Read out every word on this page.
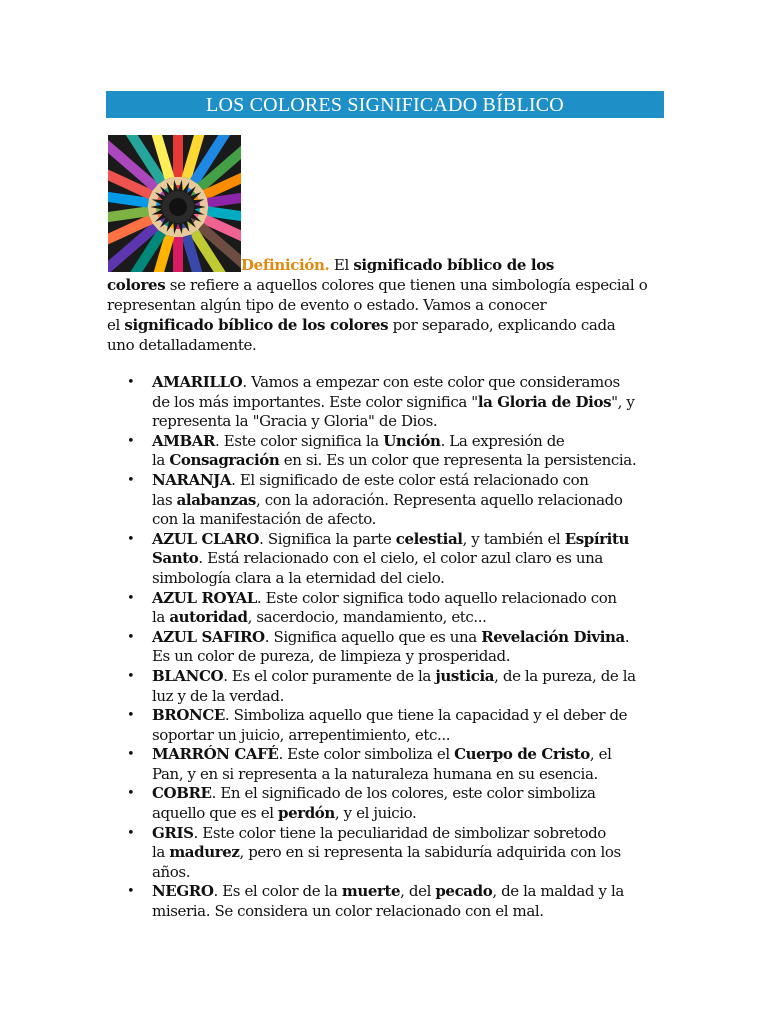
LOS COLORES SIGNIFICADO BÍBLICO
Definición. El significado bíblico de los
colores se refiere a aquellos colores que tienen una simbología especial o
representan algún tipo de evento o estado. Vamos a conocer
el significado bíblico de los colores por separado, explicando cada
uno detalladamente.
• AMARILLO. Vamos a empezar con este color que consideramos
de los más importantes. Este color significa "la Gloria de Dios", y
representa la "Gracia y Gloria" de Dios.
• AMBAR. Este color significa la Unción. La expresión de
la Consagración en si. Es un color que representa la persistencia.
• NARANJA. El significado de este color está relacionado con
las alabanzas, con la adoración. Representa aquello relacionado
con la manifestación de afecto.
• AZUL CLARO. Significa la parte celestial, y también el Espíritu
Santo. Está relacionado con el cielo, el color azul claro es una
simbología clara a la eternidad del cielo.
• AZUL ROYAL. Este color significa todo aquello relacionado con
la autoridad, sacerdocio, mandamiento, etc...
• AZUL SAFIRO. Significa aquello que es una Revelación Divina.
Es un color de pureza, de limpieza y prosperidad.
• BLANCO. Es el color puramente de la justicia, de la pureza, de la
luz y de la verdad.
• BRONCE. Simboliza aquello que tiene la capacidad y el deber de
soportar un juicio, arrepentimiento, etc...
• MARRÓN CAFÉ. Este color simboliza el Cuerpo de Cristo, el
Pan, y en si representa a la naturaleza humana en su esencia.
• COBRE. En el significado de los colores, este color simboliza
aquello que es el perdón, y el juicio.
• GRIS. Este color tiene la peculiaridad de simbolizar sobretodo
la madurez, pero en si representa la sabiduría adquirida con los
años.
• NEGRO. Es el color de la muerte, del pecado, de la maldad y la
miseria. Se considera un color relacionado con el mal.
